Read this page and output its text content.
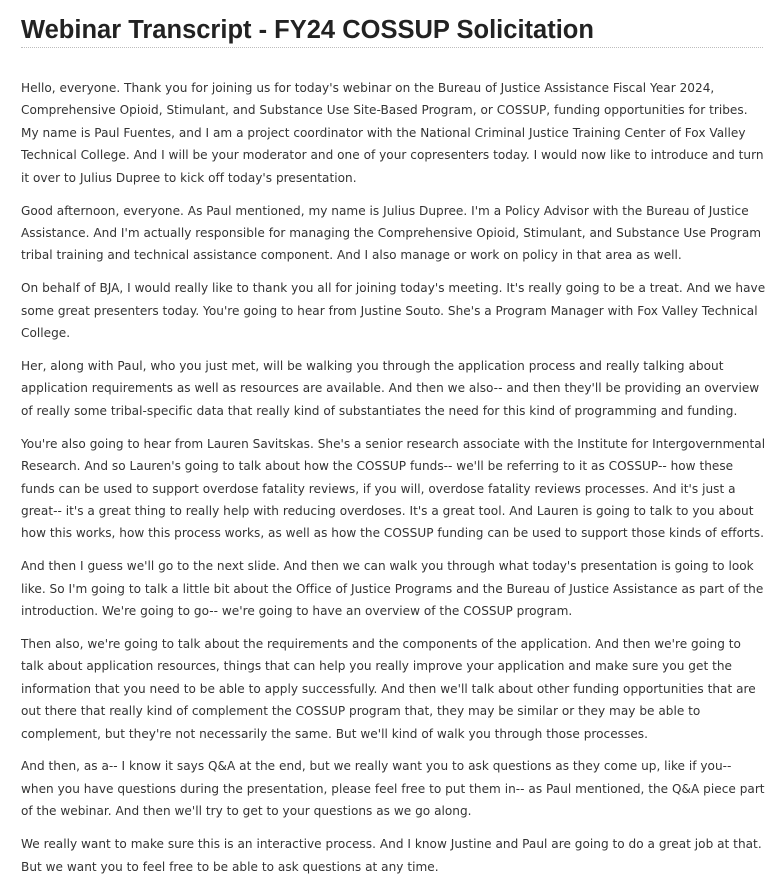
Webinar Transcript - FY24 COSSUP Solicitation

Hello, everyone. Thank you for joining us for today's webinar on the Bureau of Justice Assistance Fiscal Year 2024, Comprehensive Opioid, Stimulant, and Substance Use Site-Based Program, or COSSUP, funding opportunities for tribes. My name is Paul Fuentes, and I am a project coordinator with the National Criminal Justice Training Center of Fox Valley Technical College. And I will be your moderator and one of your copresenters today. I would now like to introduce and turn it over to Julius Dupree to kick off today's presentation.

Good afternoon, everyone. As Paul mentioned, my name is Julius Dupree. I'm a Policy Advisor with the Bureau of Justice Assistance. And I'm actually responsible for managing the Comprehensive Opioid, Stimulant, and Substance Use Program tribal training and technical assistance component. And I also manage or work on policy in that area as well.

On behalf of BJA, I would really like to thank you all for joining today's meeting. It's really going to be a treat. And we have some great presenters today. You're going to hear from Justine Souto. She's a Program Manager with Fox Valley Technical College.

Her, along with Paul, who you just met, will be walking you through the application process and really talking about application requirements as well as resources are available. And then we also-- and then they'll be providing an overview of really some tribal-specific data that really kind of substantiates the need for this kind of programming and funding.

You're also going to hear from Lauren Savitskas. She's a senior research associate with the Institute for Intergovernmental Research. And so Lauren's going to talk about how the COSSUP funds-- we'll be referring to it as COSSUP-- how these funds can be used to support overdose fatality reviews, if you will, overdose fatality reviews processes. And it's just a great-- it's a great thing to really help with reducing overdoses. It's a great tool. And Lauren is going to talk to you about how this works, how this process works, as well as how the COSSUP funding can be used to support those kinds of efforts.

And then I guess we'll go to the next slide. And then we can walk you through what today's presentation is going to look like. So I'm going to talk a little bit about the Office of Justice Programs and the Bureau of Justice Assistance as part of the introduction. We're going to go-- we're going to have an overview of the COSSUP program.

Then also, we're going to talk about the requirements and the components of the application. And then we're going to talk about application resources, things that can help you really improve your application and make sure you get the information that you need to be able to apply successfully. And then we'll talk about other funding opportunities that are out there that really kind of complement the COSSUP program that, they may be similar or they may be able to complement, but they're not necessarily the same. But we'll kind of walk you through those processes.

And then, as a-- I know it says Q&A at the end, but we really want you to ask questions as they come up, like if you-- when you have questions during the presentation, please feel free to put them in-- as Paul mentioned, the Q&A piece part of the webinar. And then we'll try to get to your questions as we go along.

We really want to make sure this is an interactive process. And I know Justine and Paul are going to do a great job at that. But we want you to feel free to be able to ask questions at any time.
